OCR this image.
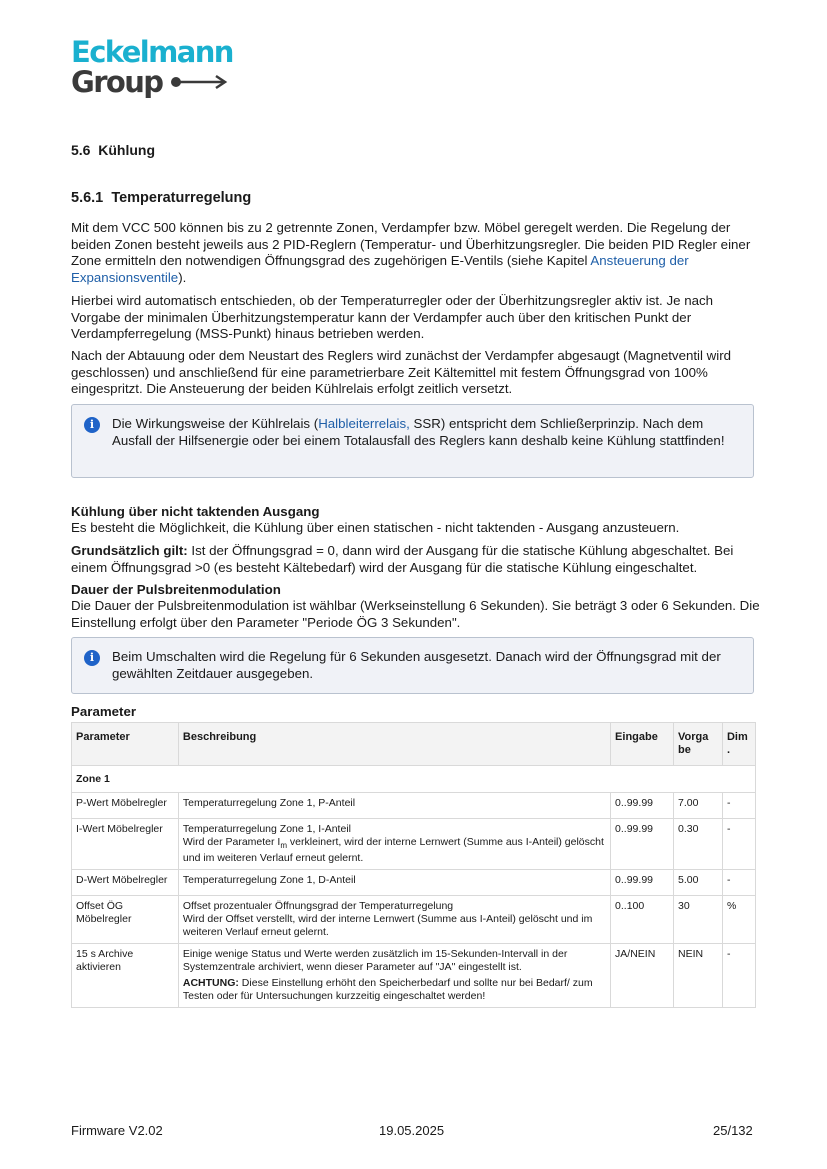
Eckelmann
Group
5.6 Kühlung
5.6.1 Temperaturregelung

Mit dem VCC 500 können bis zu 2 getrennte Zonen, Verdampfer bzw. Möbel geregelt werden. Die Regelung der beiden Zonen besteht jeweils aus 2 PID-Reglern (Temperatur- und Überhitzungsregler. Die beiden PID Regler einer Zone ermitteln den notwendigen Öffnungsgrad des zugehörigen E-Ventils (siehe Kapitel Ansteuerung der Expansionsventile).

Hierbei wird automatisch entschieden, ob der Temperaturregler oder der Überhitzungsregler aktiv ist. Je nach Vorgabe der minimalen Überhitzungstemperatur kann der Verdampfer auch über den kritischen Punkt der Verdampferregelung (MSS-Punkt) hinaus betrieben werden.

Nach der Abtauung oder dem Neustart des Reglers wird zunächst der Verdampfer abgesaugt (Magnetventil wird geschlossen) und anschließend für eine parametrierbare Zeit Kältemittel mit festem Öffnungsgrad von 100% eingespritzt. Die Ansteuerung der beiden Kühlrelais erfolgt zeitlich versetzt.

i	Die Wirkungsweise der Kühlrelais (Halbleiterrelais, SSR) entspricht dem Schließerprinzip. Nach dem Ausfall der Hilfsenergie oder bei einem Totalausfall des Reglers kann deshalb keine Kühlung stattfinden!

Kühlung über nicht taktenden Ausgang

Es besteht die Möglichkeit, die Kühlung über einen statischen - nicht taktenden - Ausgang anzusteuern.

Grundsätzlich gilt: Ist der Öffnungsgrad = 0, dann wird der Ausgang für die statische Kühlung abgeschaltet. Bei einem Öffnungsgrad >0 (es besteht Kältebedarf) wird der Ausgang für die statische Kühlung eingeschaltet.

Dauer der Pulsbreitenmodulation

Die Dauer der Pulsbreitenmodulation ist wählbar (Werkseinstellung 6 Sekunden). Sie beträgt 3 oder 6 Sekunden. Die Einstellung erfolgt über den Parameter "Periode ÖG 3 Sekunden".

i	Beim Umschalten wird die Regelung für 6 Sekunden ausgesetzt. Danach wird der Öffnungsgrad mit der gewählten Zeitdauer ausgegeben.

Parameter

Parameter	Beschreibung	Eingabe	Vorga
be	Dim
.
Zone 1				
P-Wert Möbelregler	Temperaturregelung Zone 1, P-Anteil	0..99.99	7.00	-
I-Wert Möbelregler	Temperaturregelung Zone 1, I-Anteil
Wird der Parameter $I_m$ verkleinert, wird der interne Lernwert (Summe aus I-Anteil) gelöscht und im weiteren Verlauf erneut gelernt.	0..99.99	0.30	-
D-Wert Möbelregler	Temperaturregelung Zone 1, D-Anteil	0..99.99	5.00	-
Offset ÖG Möbelregler	Offset prozentualer Öffnungsgrad der Temperaturregelung
Wird der Offset verstellt, wird der interne Lernwert (Summe aus I-Anteil) gelöscht und im weiteren Verlauf erneut gelernt.	0..100	30	%
15 s Archive aktivieren	Einige wenige Status und Werte werden zusätzlich im 15-Sekunden-Intervall in der Systemzentrale archiviert, wenn dieser Parameter auf "JA" eingestellt ist.
ACHTUNG: Diese Einstellung erhöht den Speicherbedarf und sollte nur bei Bedarf/ zum Testen oder für Untersuchungen kurzzeitig eingeschaltet werden!	JA/NEIN	NEIN	-
Firmware V2.02	19.05.2025	25/132
